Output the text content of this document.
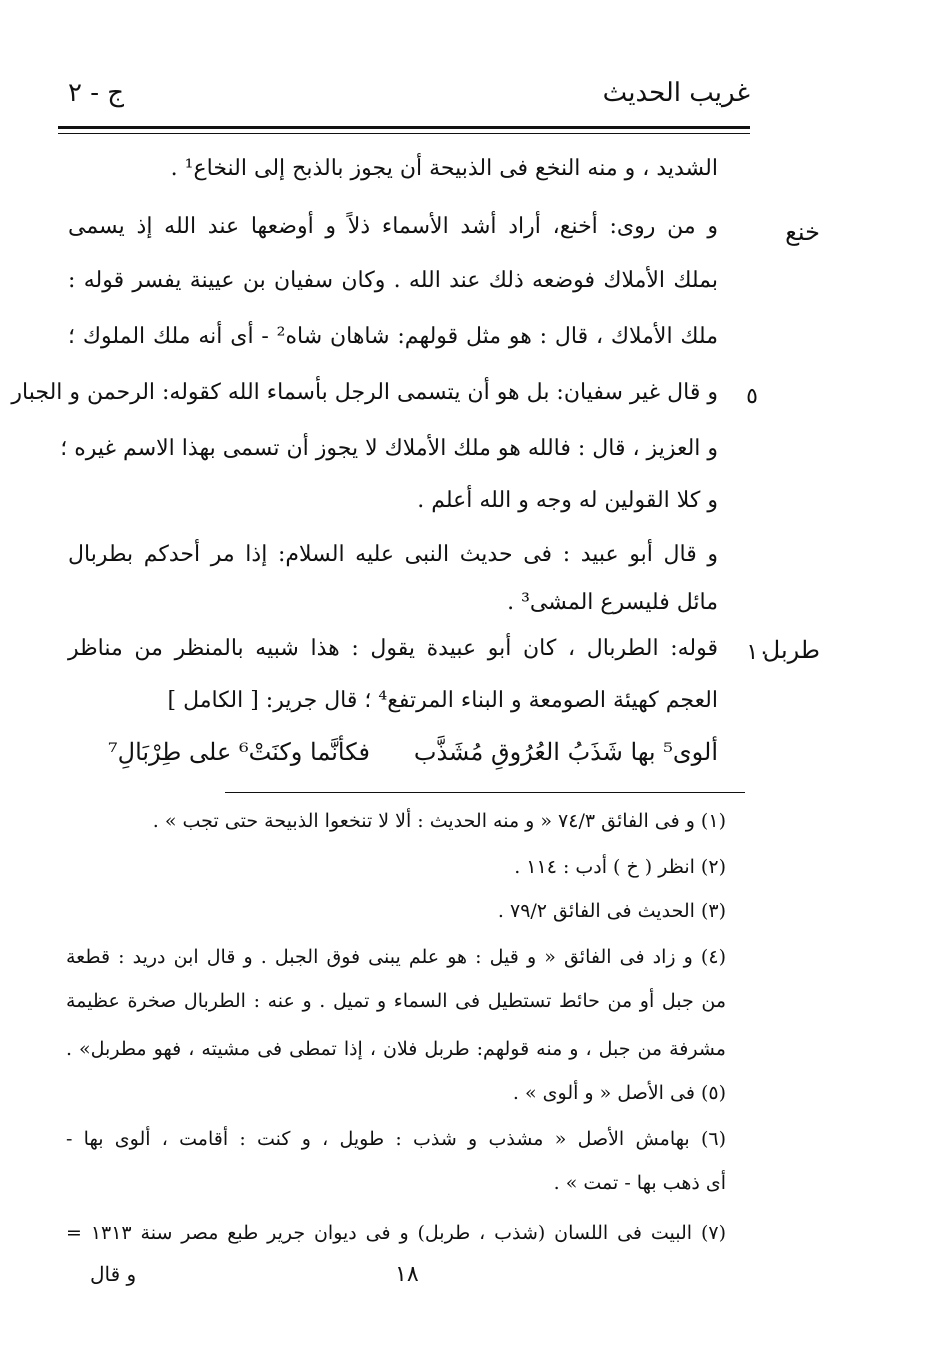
غريب الحديث
ج - ٢
خنع
٥
طربل
١٠
الشديد ، و منه النخع فى الذبيحة أن يجوز بالذبح إلى النخاع¹ .
و من روى: أخنع، أراد أشد الأسماء ذلاً و أوضعها عند الله إذ يسمى
بملك الأملاك فوضعه ذلك عند الله . وكان سفيان بن عيينة يفسر قوله :
ملك الأملاك ، قال : هو مثل قولهم: شاهان شاه² - أى أنه ملك الملوك ؛
و قال غير سفيان: بل هو أن يتسمى الرجل بأسماء الله كقوله: الرحمن و الجبار
و العزيز ، قال : فالله هو ملك الأملاك لا يجوز أن تسمى بهذا الاسم غيره ؛
و كلا القولين له وجه و الله أعلم .
و قال أبو عبيد : فى حديث النبى عليه السلام: إذا مر أحدكم بطربال
مائل فليسرع المشى³ .
قوله: الطربال ، كان أبو عبيدة يقول : هذا شبيه بالمنظر من مناظر
العجم كهيئة الصومعة و البناء المرتفع⁴ ؛ قال جرير: [ الكامل ]
ألوى⁵ بها شَذَبُ العُرُوقِ مُشَذَّب
فكأنَّما وكنَتْ⁶ على طِرْبَالِ⁷
(١) و فى الفائق ٧٤/٣ « و منه الحديث : ألا لا تنخعوا الذبيحة حتى تجب » .
(٢) انظر ( خ ) أدب : ١١٤ .
(٣) الحديث فى الفائق ٧٩/٢ .
(٤) و زاد فى الفائق « و قيل : هو علم يبنى فوق الجبل . و قال ابن دريد : قطعة
من جبل أو من حائط تستطيل فى السماء و تميل . و عنه : الطربال صخرة عظيمة
مشرفة من جبل ، و منه قولهم: طربل فلان ، إذا تمطى فى مشيته ، فهو مطربل» .
(٥) فى الأصل « و ألوى » .
(٦) بهامش الأصل « مشذب و شذب : طويل ، و كنت : أقامت ، ألوى بها -
أى ذهب بها - تمت » .
(٧) البيت فى اللسان (شذب ، طربل) و فى ديوان جرير طبع مصر سنة ١٣١٣ =
١٨
و قال
